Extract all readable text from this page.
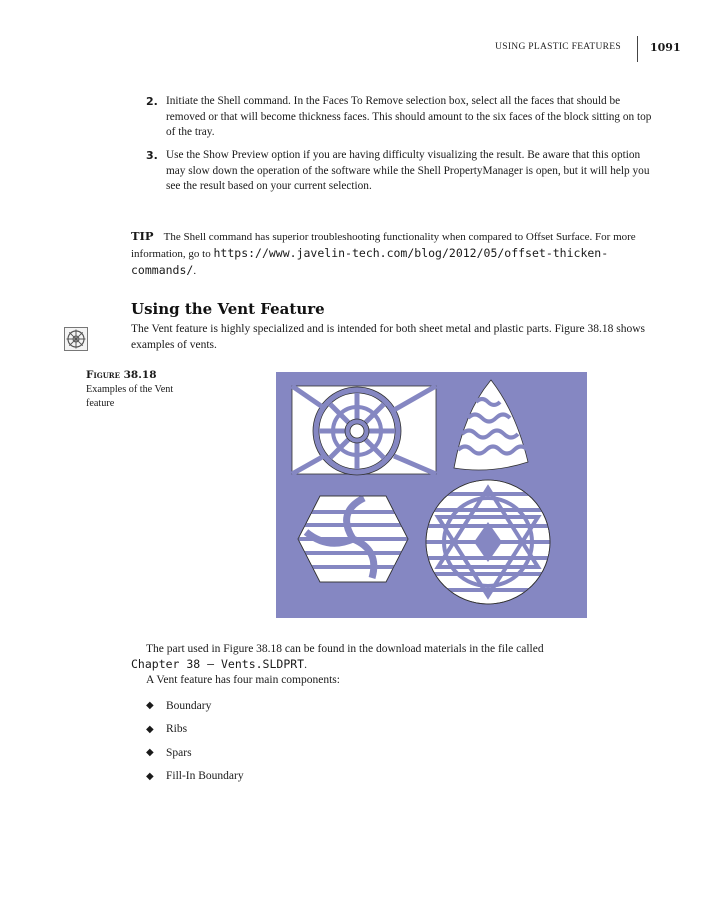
USING PLASTIC FEATURES	1091
2. Initiate the Shell command. In the Faces To Remove selection box, select all the faces that should be removed or that will become thickness faces. This should amount to the six faces of the block sitting on top of the tray.
3. Use the Show Preview option if you are having difficulty visualizing the result. Be aware that this option may slow down the operation of the software while the Shell PropertyManager is open, but it will help you see the result based on your current selection.
TIP The Shell command has superior troubleshooting functionality when compared to Offset Surface. For more information, go to https://www.javelin-tech.com/blog/2012/05/offset-thicken-commands/.
Using the Vent Feature
The Vent feature is highly specialized and is intended for both sheet metal and plastic parts. Figure 38.18 shows examples of vents.
Figure 38.18
Examples of the Vent feature
The part used in Figure 38.18 can be found in the download materials in the file called
Chapter 38 – Vents.SLDPRT.
A Vent feature has four main components:
◆	Boundary
◆	Ribs
◆	Spars
◆	Fill-In Boundary
